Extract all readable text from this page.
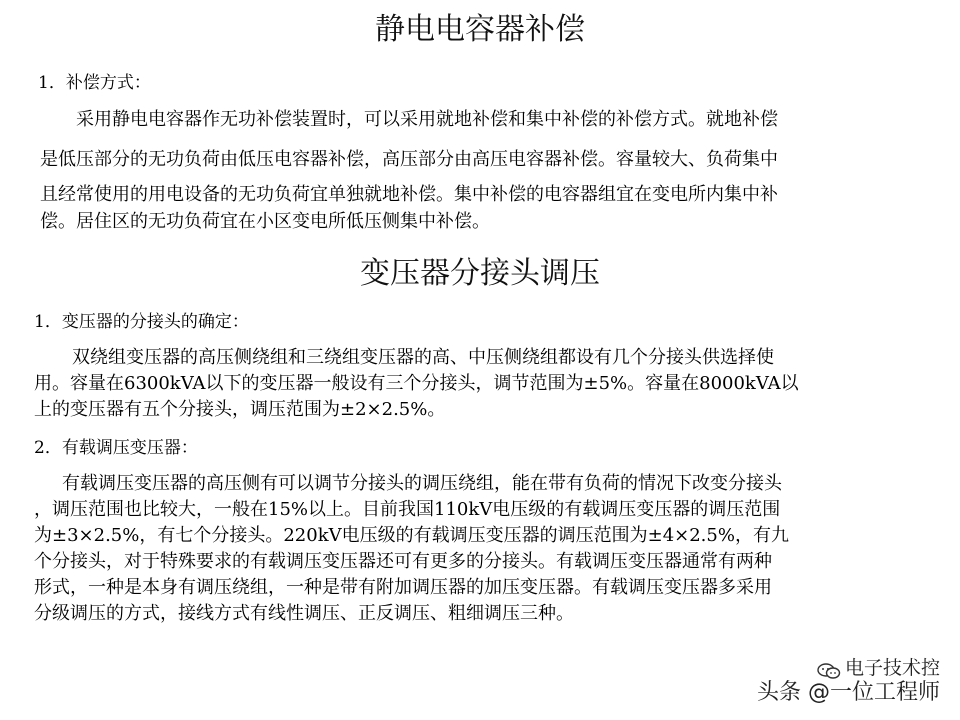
静电电容器补偿
1．补偿方式：
采用静电电容器作无功补偿装置时，可以采用就地补偿和集中补偿的补偿方式。就地补偿
是低压部分的无功负荷由低压电容器补偿，高压部分由高压电容器补偿。容量较大、负荷集中
且经常使用的用电设备的无功负荷宜单独就地补偿。集中补偿的电容器组宜在变电所内集中补
偿。居住区的无功负荷宜在小区变电所低压侧集中补偿。
变压器分接头调压
1．变压器的分接头的确定：
双绕组变压器的高压侧绕组和三绕组变压器的高、中压侧绕组都设有几个分接头供选择使
用。容量在6300kVA以下的变压器一般设有三个分接头，调节范围为±5%。容量在8000kVA以
上的变压器有五个分接头，调压范围为±2×2.5%。
2．有载调压变压器：
有载调压变压器的高压侧有可以调节分接头的调压绕组，能在带有负荷的情况下改变分接头
，调压范围也比较大，一般在15%以上。目前我国110kV电压级的有载调压变压器的调压范围
为±3×2.5%，有七个分接头。220kV电压级的有载调压变压器的调压范围为±4×2.5%，有九
个分接头，对于特殊要求的有载调压变压器还可有更多的分接头。有载调压变压器通常有两种
形式，一种是本身有调压绕组，一种是带有附加调压器的加压变压器。有载调压变压器多采用
分级调压的方式，接线方式有线性调压、正反调压、粗细调压三种。
电子技术控
头条 @一位工程师
